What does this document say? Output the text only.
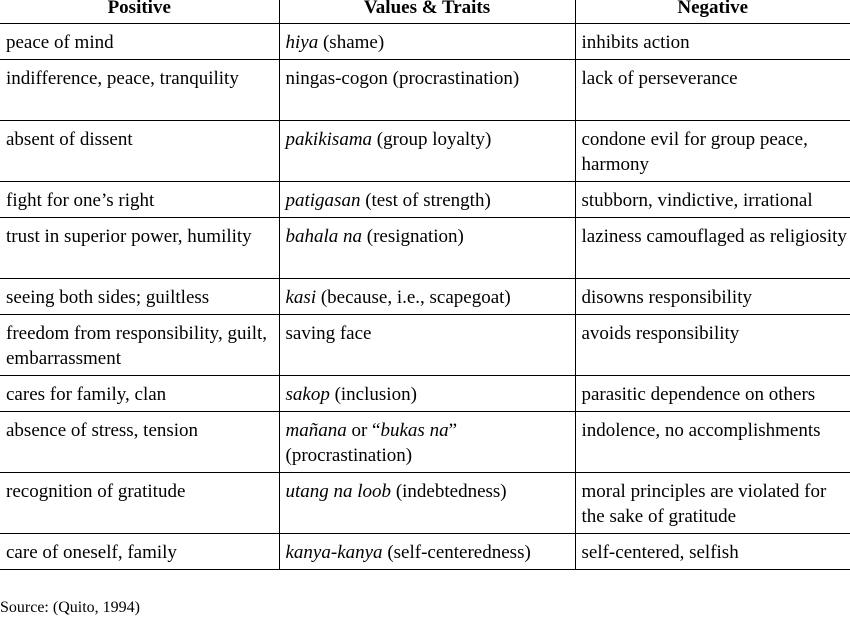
Positive	Values & Traits	Negative
peace of mind	hiya (shame)	inhibits action
indifference, peace, tranquility	ningas-cogon (procrastination)	lack of perseverance
absent of dissent	pakikisama (group loyalty)	condone evil for group peace, harmony
fight for one’s right	patigasan (test of strength)	stubborn, vindictive, irrational
trust in superior power, humility	bahala na (resignation)	laziness camouflaged as religiosity
seeing both sides; guiltless	kasi (because, i.e., scapegoat)	disowns responsibility
freedom from responsibility, guilt, embarrassment	saving face	avoids responsibility
cares for family, clan	sakop (inclusion)	parasitic dependence on others
absence of stress, tension	mañana or “bukas na” (procrastination)	indolence, no accomplishments
recognition of gratitude	utang na loob (indebtedness)	moral principles are violated for the sake of gratitude
care of oneself, family	kanya-kanya (self-centeredness)	self-centered, selfish
Source: (Quito, 1994)
